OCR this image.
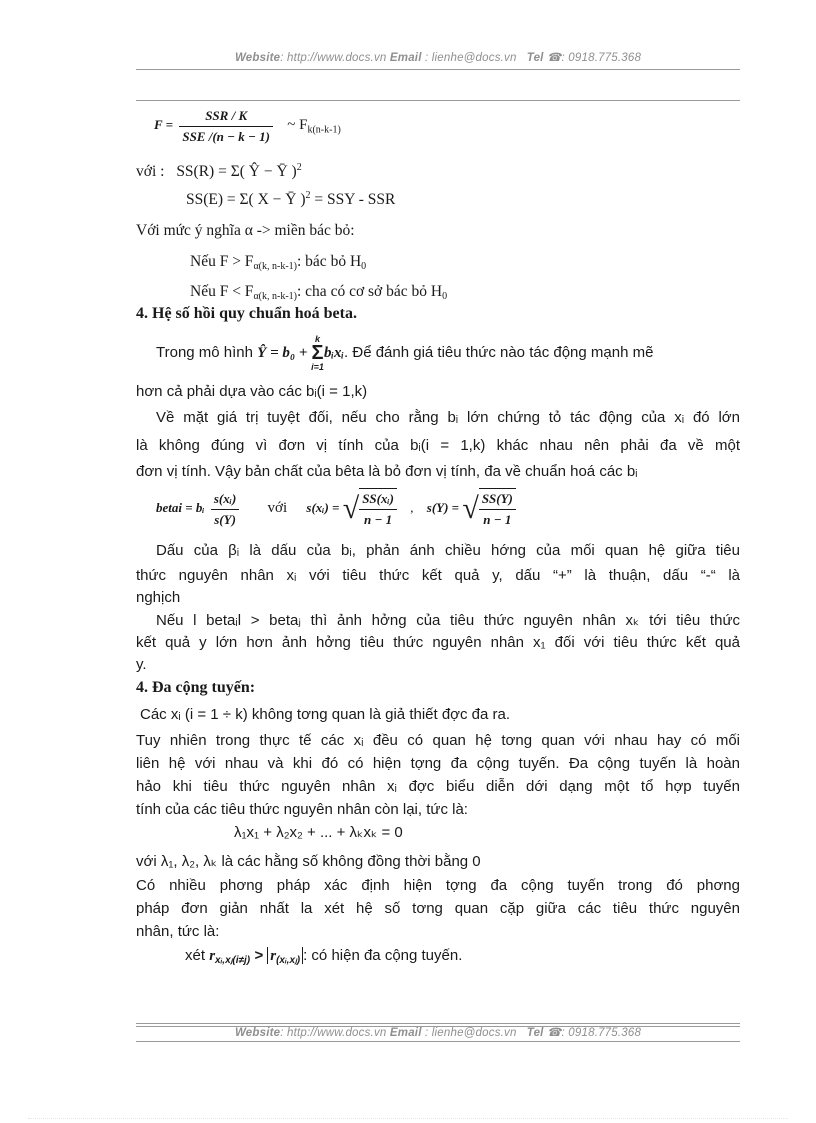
Website: http://www.docs.vn Email : lienhe@docs.vn Tel ☎: 0918.775.368
$F = \frac{\text{SSR / K}}{\text{SSE /(n − k − 1)}}$ ~ $F_{k(n-k-1)}$
với : SS(R) = Σ( Ŷ − Ȳ )$^2$
SS(E) = Σ( X − Ȳ )$^2$ = SSY - SSR
Với mức ý nghĩa α -> miền bác bỏ:
Nếu $F > F_{\alpha(k, n-k-1)}$: bác bỏ $H_0$
Nếu $F < F_{\alpha(k, n-k-1)}$: cha có cơ sở bác bỏ $H_0$
4. Hệ số hồi quy chuẩn hoá beta.
Trong mô hình Ŷ = b₀ + k
Σ
i=1bᵢxᵢ. Để đánh giá tiêu thức nào tác động mạnh mẽ
hơn cả phải dựa vào các bᵢ(i = 1,k)
Về mặt giá trị tuyệt đối, nếu cho rằng bᵢ lớn chứng tỏ tác động của xᵢ đó lớn
là không đúng vì đơn vị tính của bᵢ(i = 1,k) khác nhau nên phải đa về một
đơn vị tính. Vậy bản chất của bêta là bỏ đơn vị tính, đa về chuẩn hoá các bᵢ
betai = bᵢ $\frac{\text{s(xᵢ)}}{s(Y)}$ với s(xᵢ) = √ $\frac{\text{SS(xᵢ)}}{n - 1}$ , s(Y) = √ $\frac{SS(Y)}{n - 1}$
Dấu của βᵢ là dấu của bᵢ, phản ánh chiều hớng của mối quan hệ giữa tiêu
thức nguyên nhân xᵢ với tiêu thức kết quả y, dấu “+” là thuận, dấu “-“ là
nghịch
Nếu l betaᵢl > betaⱼ thì ảnh hởng của tiêu thức nguyên nhân xₖ tới tiêu thức
kết quả y lớn hơn ảnh hởng tiêu thức nguyên nhân x₁ đối với tiêu thức kết quả
y.
4. Đa cộng tuyến:
Các xᵢ (i = 1 ÷ k) không tơng quan là giả thiết đợc đa ra.
Tuy nhiên trong thực tế các xᵢ đều có quan hệ tơng quan với nhau hay có mối
liên hệ với nhau và khi đó có hiện tợng đa cộng tuyến. Đa cộng tuyến là hoàn
hảo khi tiêu thức nguyên nhân xᵢ đợc biểu diễn dới dạng một tổ hợp tuyến
tính của các tiêu thức nguyên nhân còn lại, tức là:
λ₁x₁ + λ₂x₂ + ... + λₖxₖ = 0
với λ₁, λ₂, λₖ là các hằng số không đồng thời bằng 0
Có nhiều phơng pháp xác định hiện tợng đa cộng tuyến trong đó phơng
pháp đơn giản nhất la xét hệ số tơng quan cặp giữa các tiêu thức nguyên
nhân, tức là:
xét $r_{xᵢ,xⱼ(i\ne j)} > r_{(xᵢ,xⱼ)}$ : có hiện đa cộng tuyến.
Website: http://www.docs.vn Email : lienhe@docs.vn Tel ☎: 0918.775.368
